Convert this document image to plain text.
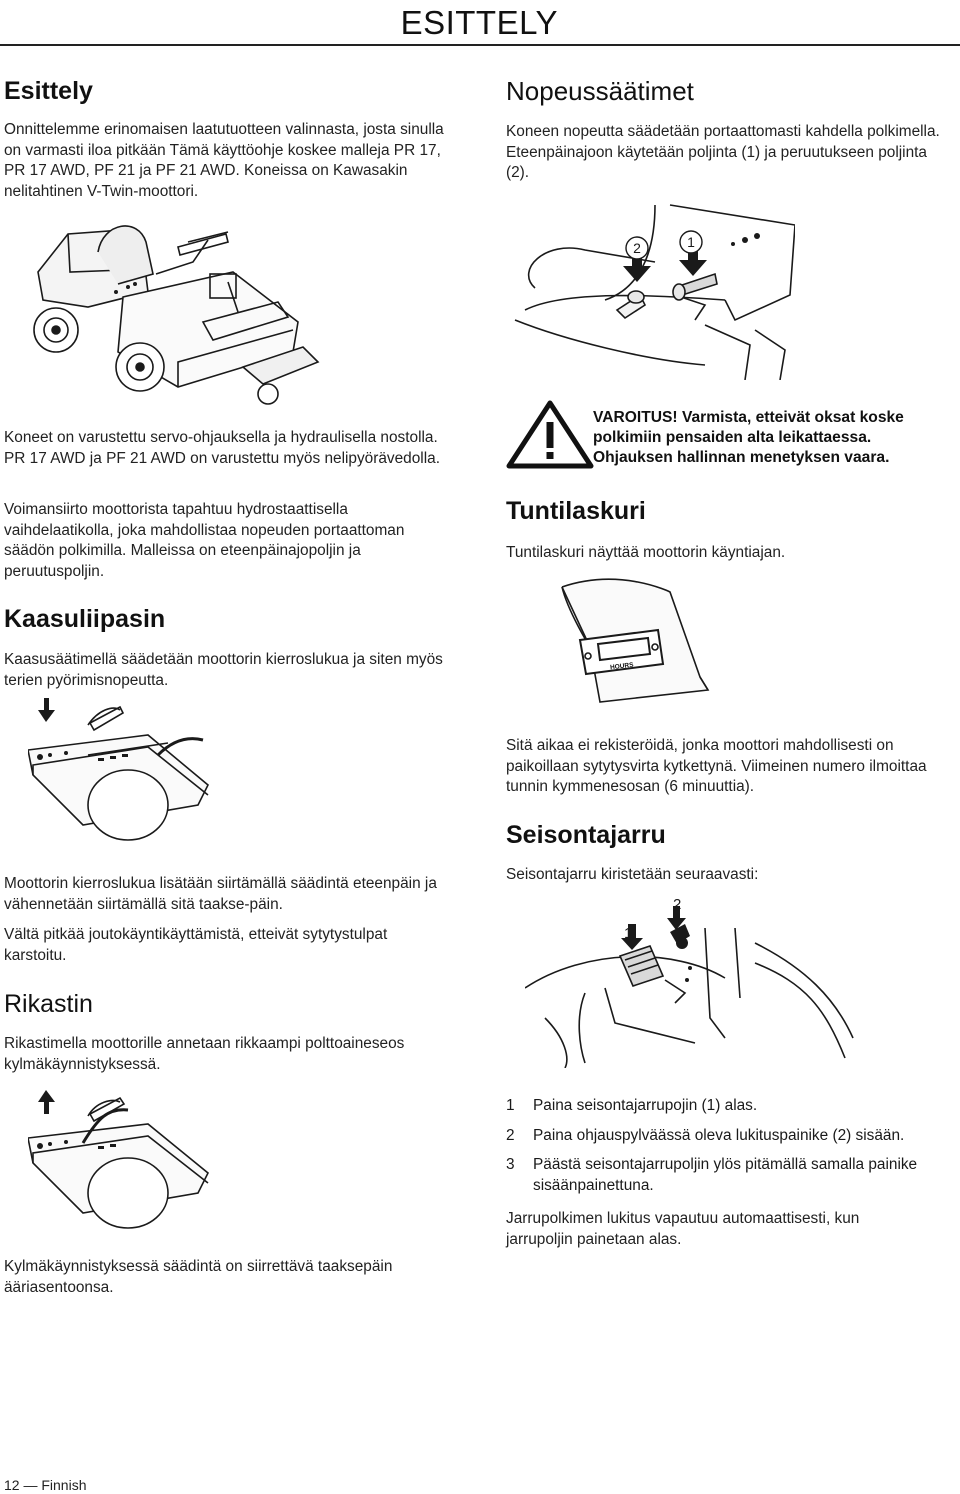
ESITTELY
Esittely

Onnittelemme erinomaisen laatutuotteen valinnasta, josta sinulla on varmasti iloa pitkään Tämä käyttöohje koskee malleja PR 17, PR 17 AWD, PF 21 ja PF 21 AWD. Koneissa on Kawasakin nelitahtinen V-Twin-moottori.

Koneet on varustettu servo-ohjauksella ja hydraulisella nostolla. PR 17 AWD ja PF 21 AWD on varustettu myös nelipyörävedolla.

Voimansiirto moottorista tapahtuu hydrostaattisella vaihdelaatikolla, joka mahdollistaa nopeuden portaattoman säädön polkimilla. Malleissa on eteenpäinajopoljin ja peruutuspoljin.

Kaasuliipasin

Kaasusäätimellä säädetään moottorin kierroslukua ja siten myös terien pyörimisnopeutta.

Moottorin kierroslukua lisätään siirtämällä säädintä eteenpäin ja vähennetään siirtämällä sitä taakse-päin.

Vältä pitkää joutokäyntikäyttämistä, etteivät sytytystulpat karstoitu.

Rikastin

Rikastimella moottorille annetaan rikkaampi polttoaineseos kylmäkäynnistyksessä.

Kylmäkäynnistyksessä säädintä on siirrettävä taaksepäin ääriasentoonsa.

Nopeussäätimet

Koneen nopeutta säädetään portaattomasti kahdella polkimella. Eteenpäinajoon käytetään poljinta (1) ja peruutukseen poljinta (2).

2	1
VAROITUS! Varmista, etteivät oksat koske polkimiin pensaiden alta leikattaessa. Ohjauksen hallinnan menetyksen vaara.
Tuntilaskuri

Tuntilaskuri näyttää moottorin käyntiajan.

HOURS

Sitä aikaa ei rekisteröidä, jonka moottori mahdollisesti on paikoillaan sytytysvirta kytkettynä. Viimeinen numero ilmoittaa tunnin kymmenesosan (6 minuuttia).

Seisontajarru

Seisontajarru kiristetään seuraavasti:

1
2
1 Paina seisontajarrupojin (1) alas.
2 Paina ohjauspylväässä oleva lukituspainike (2) sisään.
3 Päästä seisontajarrupoljin ylös pitämällä samalla painike sisäänpainettuna.

Jarrupolkimen lukitus vapautuu automaattisesti, kun jarrupoljin painetaan alas.

12 — Finnish
